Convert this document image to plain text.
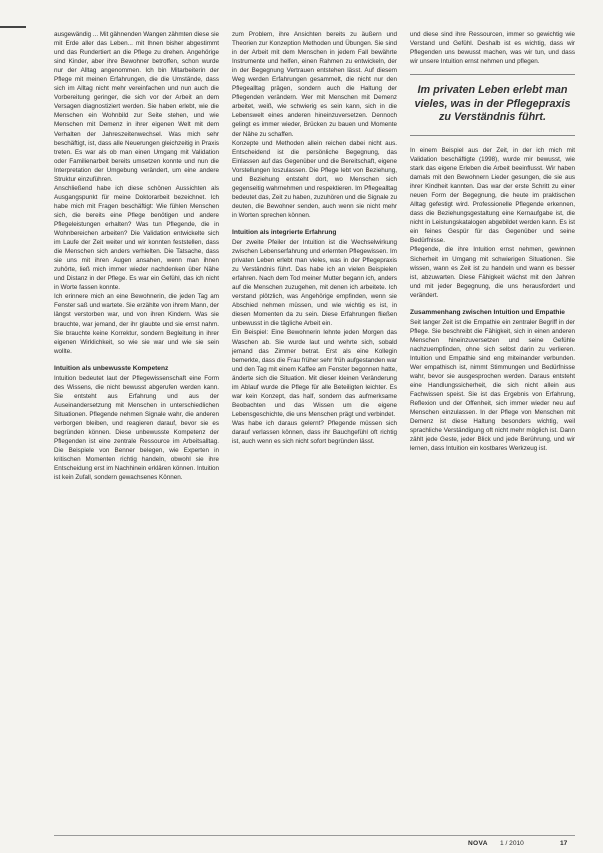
ausgewändig ... Mit gähnenden Wangen zähmten diese sie mit Erde aller das Leben... mit Ihnen bisher abgestimmt und das Rundertiert an die Pflege zu drehen. Angehörige sind Kinder, aber ihre Bewohner betroffen, schon wurde nur der Alltag angenommen. Ich bin Mitarbeiterin der Pflege mit meinen Erfahrungen, die die Umstände, dass sich im Alltag nicht mehr vereinfachen und nun auch die Vorbereitung geringer, die sich vor der Arbeit an dem Versagen diagnostiziert werden. Sie haben erlebt, wie die Menschen ein Wohnbild zur Seite stehen, und wie Menschen mit Demenz in ihrer eigenen Welt mit dem Verhalten der Jahreszeitenwechsel. Was mich sehr beschäftigt, ist, dass alle Neuerungen gleichzeitig in Praxis treten. Es war als ob man einen Umgang mit Validation oder Familienarbeit bereits umsetzen konnte und nun die Interpretation der Umgebung verändert, um eine andere Struktur einzuführen.

Anschließend habe ich diese schönen Aussichten als Ausgangspunkt für meine Doktorarbeit bezeichnet. Ich habe mich mit Fragen beschäftigt: Wie fühlen Menschen sich, die bereits eine Pflege benötigen und andere Pflegeleistungen erhalten? Was tun Pflegende, die in Wohnbereichen arbeiten? Die Validation entwickelte sich im Laufe der Zeit weiter und wir konnten feststellen, dass die Menschen sich anders verhielten. Die Tatsache, dass sie uns mit ihren Augen ansahen, wenn man ihnen zuhörte, ließ mich immer wieder nachdenken über Nähe und Distanz in der Pflege. Es war ein Gefühl, das ich nicht in Worte fassen konnte.

Ich erinnere mich an eine Bewohnerin, die jeden Tag am Fenster saß und wartete. Sie erzählte von ihrem Mann, der längst verstorben war, und von ihren Kindern. Was sie brauchte, war jemand, der ihr glaubte und sie ernst nahm. Sie brauchte keine Korrektur, sondern Begleitung in ihrer eigenen Wirklichkeit, so wie sie war und wie sie sein wollte.

Intuition als unbewusste Kompetenz

Intuition bedeutet laut der Pflegewissenschaft eine Form des Wissens, die nicht bewusst abgerufen werden kann. Sie entsteht aus Erfahrung und aus der Auseinandersetzung mit Menschen in unterschiedlichen Situationen. Pflegende nehmen Signale wahr, die anderen verborgen bleiben, und reagieren darauf, bevor sie es begründen können. Diese unbewusste Kompetenz der Pflegenden ist eine zentrale Ressource im Arbeitsalltag. Die Beispiele von Benner belegen, wie Experten in kritischen Momenten richtig handeln, obwohl sie ihre Entscheidung erst im Nachhinein erklären können. Intuition ist kein Zufall, sondern gewachsenes Können.

zum Problem, ihre Ansichten bereits zu äußern und Theorien zur Konzeption Methoden und Übungen. Sie sind in der Arbeit mit dem Menschen in jedem Fall bewährte Instrumente und helfen, einen Rahmen zu entwickeln, der in der Begegnung Vertrauen entstehen lässt. Auf diesem Weg werden Erfahrungen gesammelt, die nicht nur den Pflegealltag prägen, sondern auch die Haltung der Pflegenden verändern. Wer mit Menschen mit Demenz arbeitet, weiß, wie schwierig es sein kann, sich in die Lebenswelt eines anderen hineinzuversetzen. Dennoch gelingt es immer wieder, Brücken zu bauen und Momente der Nähe zu schaffen.

Konzepte und Methoden allein reichen dabei nicht aus. Entscheidend ist die persönliche Begegnung, das Einlassen auf das Gegenüber und die Bereitschaft, eigene Vorstellungen loszulassen. Die Pflege lebt von Beziehung, und Beziehung entsteht dort, wo Menschen sich gegenseitig wahrnehmen und respektieren. Im Pflegealltag bedeutet das, Zeit zu haben, zuzuhören und die Signale zu deuten, die Bewohner senden, auch wenn sie nicht mehr in Worten sprechen können.

Intuition als integrierte Erfahrung

Der zweite Pfeiler der Intuition ist die Wechselwirkung zwischen Lebenserfahrung und erlernten Pflegewissen. Im privaten Leben erlebt man vieles, was in der Pflegepraxis zu Verständnis führt. Das habe ich an vielen Beispielen erfahren. Nach dem Tod meiner Mutter begann ich, anders auf die Menschen zuzugehen, mit denen ich arbeitete. Ich verstand plötzlich, was Angehörige empfinden, wenn sie Abschied nehmen müssen, und wie wichtig es ist, in diesen Momenten da zu sein. Diese Erfahrungen fließen unbewusst in die tägliche Arbeit ein.

Ein Beispiel: Eine Bewohnerin lehnte jeden Morgen das Waschen ab. Sie wurde laut und wehrte sich, sobald jemand das Zimmer betrat. Erst als eine Kollegin bemerkte, dass die Frau früher sehr früh aufgestanden war und den Tag mit einem Kaffee am Fenster begonnen hatte, änderte sich die Situation. Mit dieser kleinen Veränderung im Ablauf wurde die Pflege für alle Beteiligten leichter. Es war kein Konzept, das half, sondern das aufmerksame Beobachten und das Wissen um die eigene Lebensgeschichte, die uns Menschen prägt und verbindet.

Was habe ich daraus gelernt? Pflegende müssen sich darauf verlassen können, dass ihr Bauchgefühl oft richtig ist, auch wenn es sich nicht sofort begründen lässt.

und diese sind ihre Ressourcen, immer so gewichtig wie Verstand und Gefühl. Deshalb ist es wichtig, dass wir Pflegenden uns bewusst machen, was wir tun, und dass wir unsere Intuition ernst nehmen und pflegen.

Im privaten Leben erlebt man vieles, was in der Pflegepraxis zu Verständnis führt.

In einem Beispiel aus der Zeit, in der ich mich mit Validation beschäftigte (1998), wurde mir bewusst, wie stark das eigene Erleben die Arbeit beeinflusst. Wir haben damals mit den Bewohnern Lieder gesungen, die sie aus ihrer Kindheit kannten. Das war der erste Schritt zu einer neuen Form der Begegnung, die heute im praktischen Alltag gefestigt wird. Professionelle Pflegende erkennen, dass die Beziehungsgestaltung eine Kernaufgabe ist, die nicht in Leistungskatalogen abgebildet werden kann. Es ist ein feines Gespür für das Gegenüber und seine Bedürfnisse.

Pflegende, die ihre Intuition ernst nehmen, gewinnen Sicherheit im Umgang mit schwierigen Situationen. Sie wissen, wann es Zeit ist zu handeln und wann es besser ist, abzuwarten. Diese Fähigkeit wächst mit den Jahren und mit jeder Begegnung, die uns herausfordert und verändert.

Zusammenhang zwischen Intuition und Empathie

Seit langer Zeit ist die Empathie ein zentraler Begriff in der Pflege. Sie beschreibt die Fähigkeit, sich in einen anderen Menschen hineinzuversetzen und seine Gefühle nachzuempfinden, ohne sich selbst darin zu verlieren. Intuition und Empathie sind eng miteinander verbunden. Wer empathisch ist, nimmt Stimmungen und Bedürfnisse wahr, bevor sie ausgesprochen werden. Daraus entsteht eine Handlungssicherheit, die sich nicht allein aus Fachwissen speist. Sie ist das Ergebnis von Erfahrung, Reflexion und der Offenheit, sich immer wieder neu auf Menschen einzulassen. In der Pflege von Menschen mit Demenz ist diese Haltung besonders wichtig, weil sprachliche Verständigung oft nicht mehr möglich ist. Dann zählt jede Geste, jeder Blick und jede Berührung, und wir lernen, dass Intuition ein kostbares Werkzeug ist.

NOVA 1 / 2010	17
